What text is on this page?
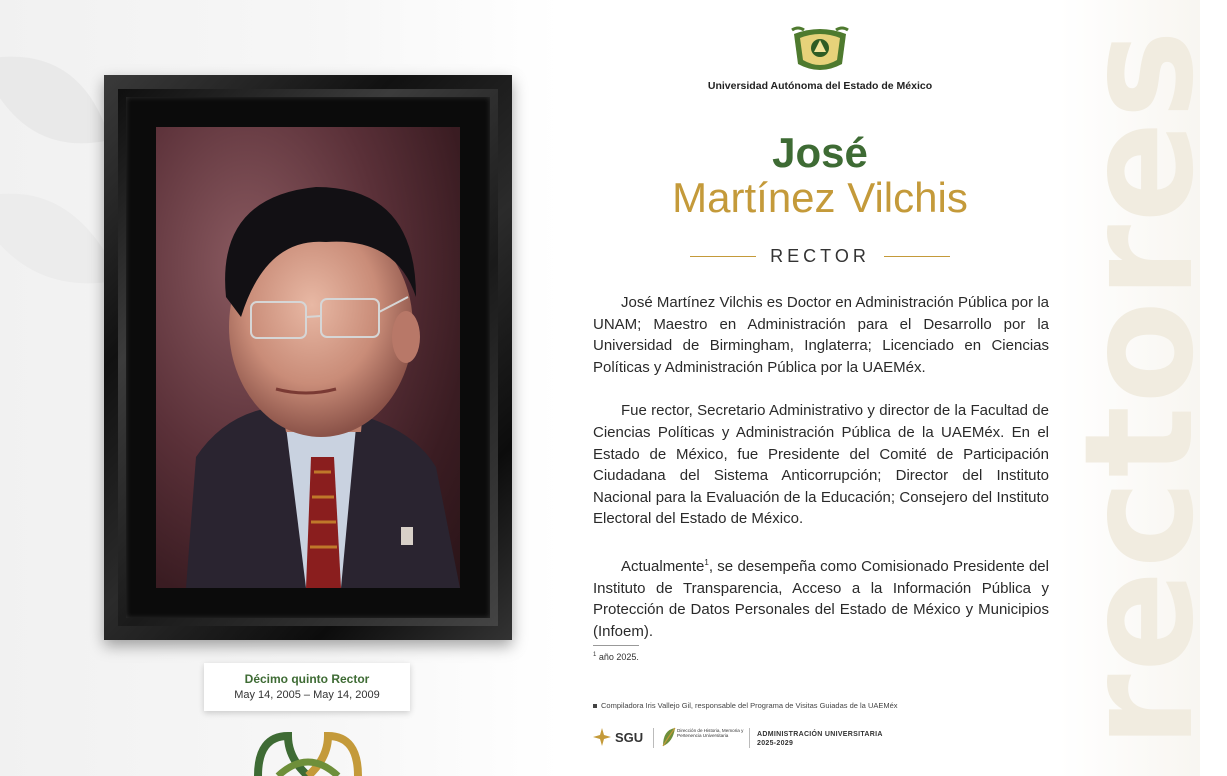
rectores
Décimo quinto Rector
May 14, 2005 – May 14, 2009
Universidad Autónoma del Estado de México
José
Martínez Vilchis
RECTOR

José Martínez Vilchis es Doctor en Administración Pública por la UNAM; Maestro en Administración para el Desarrollo por la Universidad de Birmingham, Inglaterra; Licenciado en Ciencias Políticas y Administración Pública por la UAEMéx.

Fue rector, Secretario Administrativo y director de la Facultad de Ciencias Políticas y Administración Pública de la UAEMéx. En el Estado de México, fue Presidente del Comité de Participación Ciudadana del Sistema Anticorrupción; Director del Instituto Nacional para la Evaluación de la Educación; Consejero del Instituto Electoral del Estado de México.

Actualmente$^1$, se desempeña como Comisionado Presidente del Instituto de Transparencia, Acceso a la Información Pública y Protección de Datos Personales del Estado de México y Municipios (Infoem).

$^1$ año 2025.
Compiladora Iris Vallejo Gil, responsable del Programa de Visitas Guiadas de la UAEMéx
SGU	Dirección de Historia, Memoria y Pertenencia Universitaria	ADMINISTRACIÓN UNIVERSITARIA
2025-2029
